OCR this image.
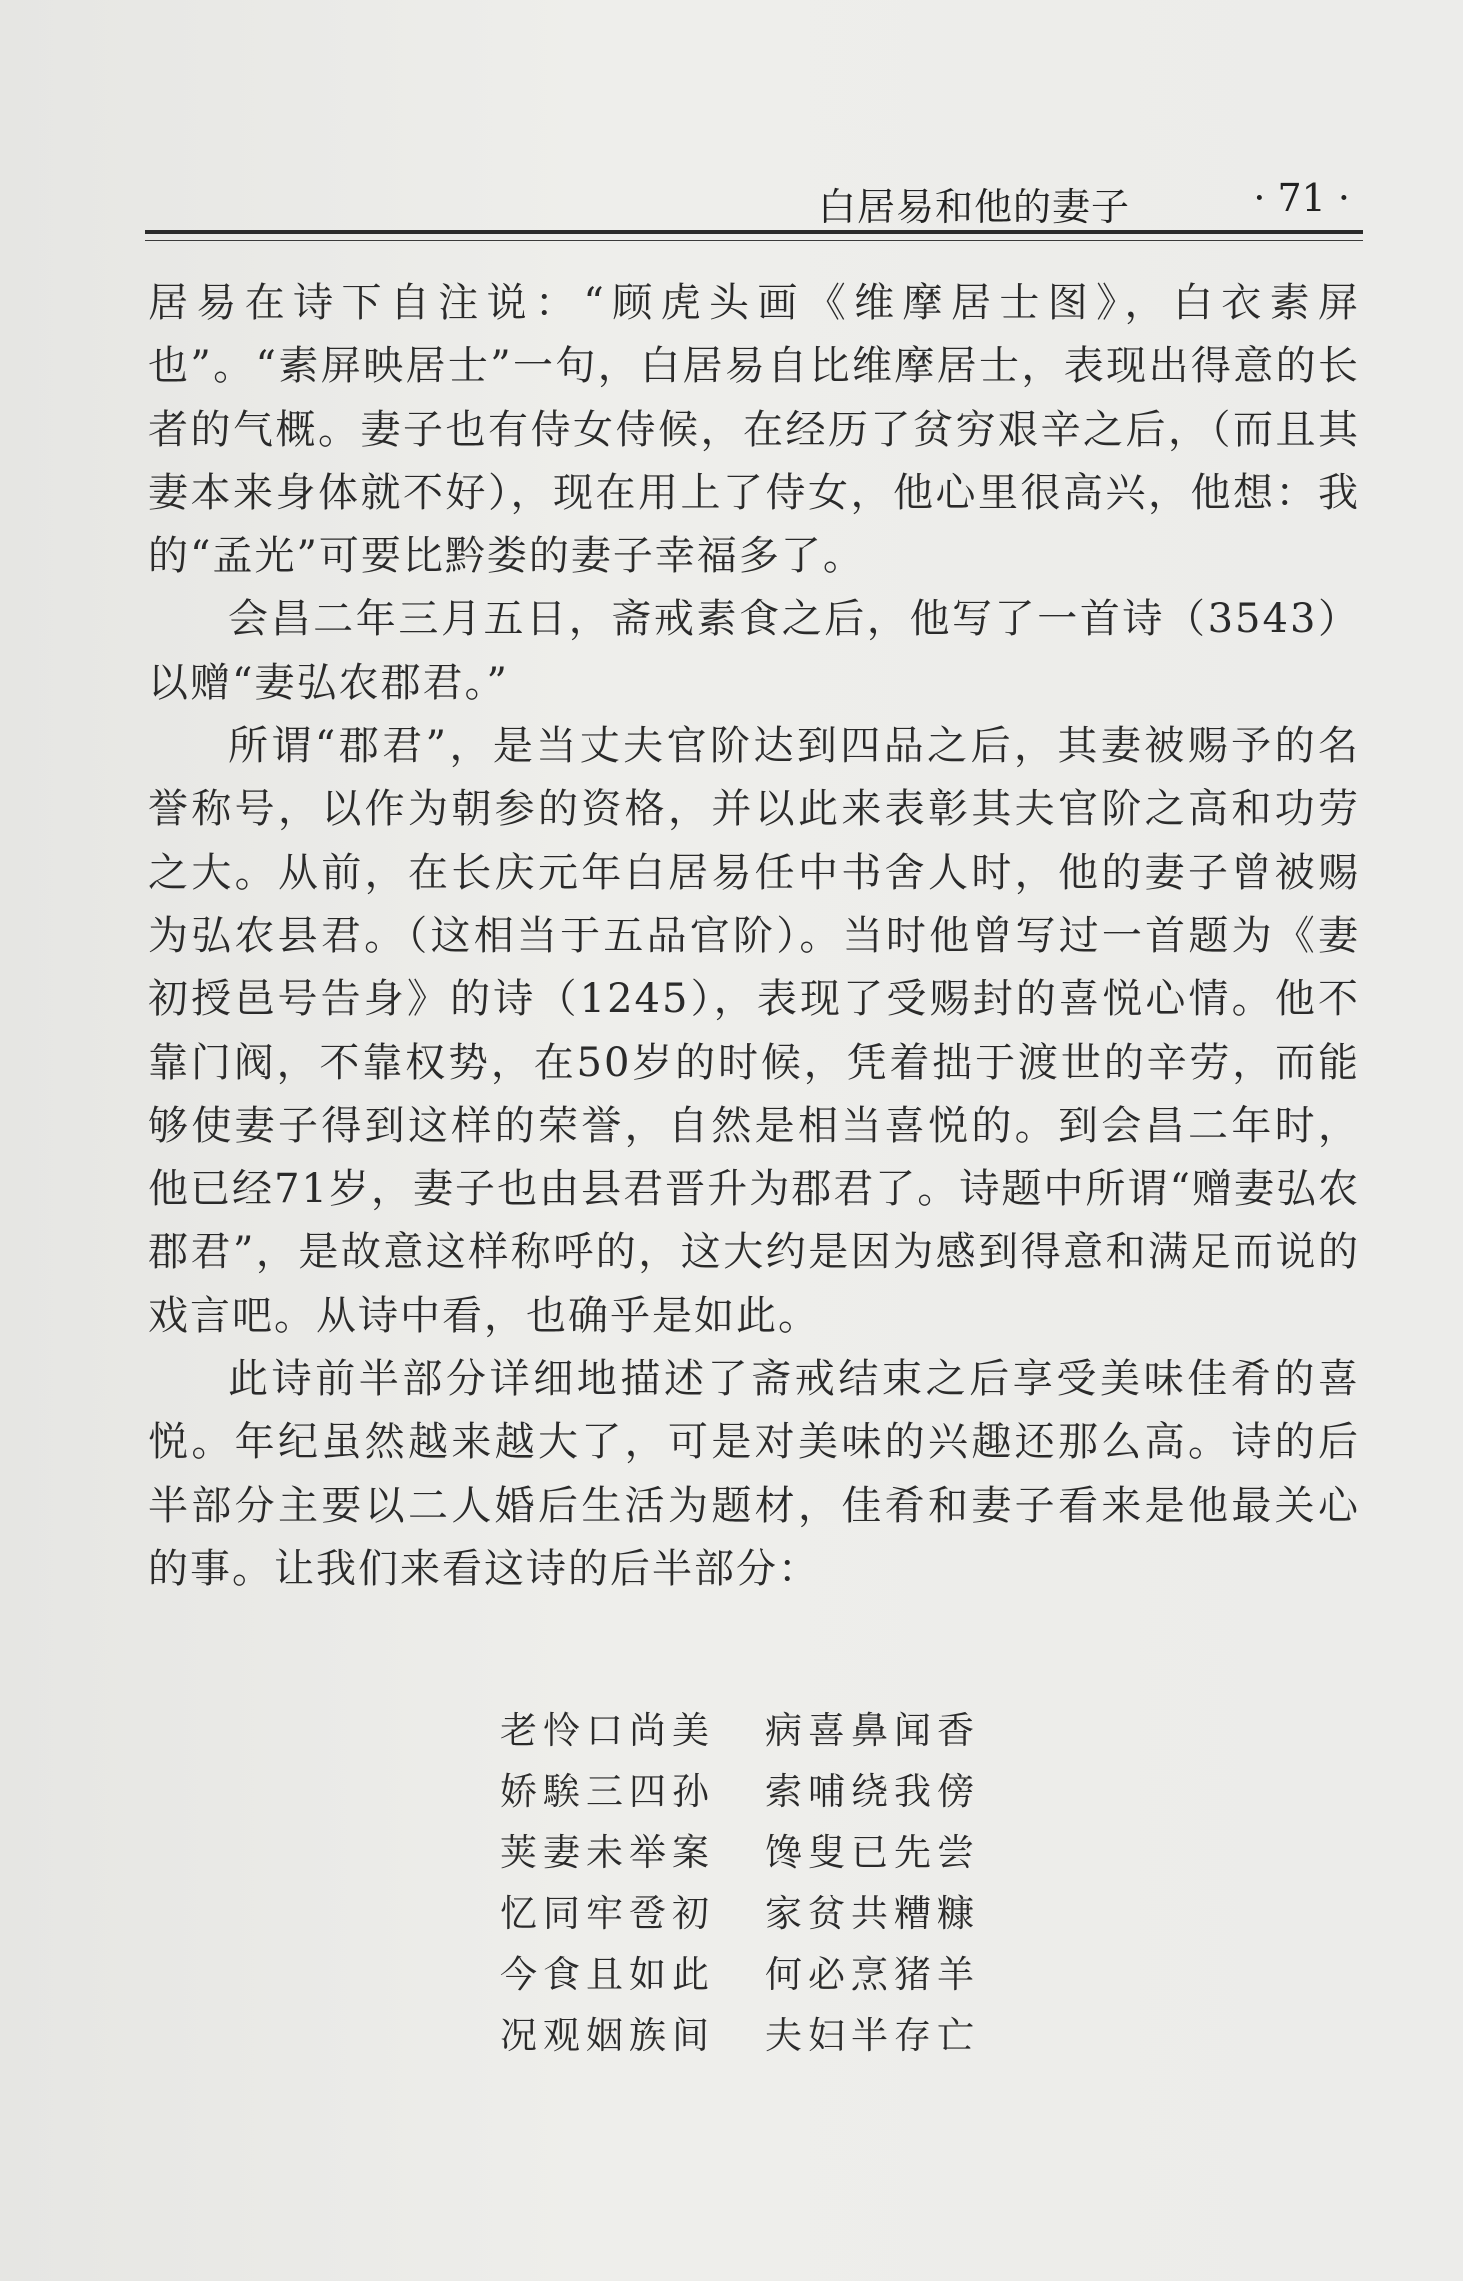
白居易和他的妻子	· 71 ·

居易在诗下自注说：“顾虎头画《维摩居士图》，白衣素屏也”。“素屏映居士”一句，白居易自比维摩居士，表现出得意的长者的气概。妻子也有侍女侍候，在经历了贫穷艰辛之后，（而且其妻本来身体就不好），现在用上了侍女，他心里很高兴，他想：我的“孟光”可要比黔娄的妻子幸福多了。

会昌二年三月五日，斋戒素食之后，他写了一首诗（3543）以赠“妻弘农郡君。”

所谓“郡君”，是当丈夫官阶达到四品之后，其妻被赐予的名誉称号，以作为朝参的资格，并以此来表彰其夫官阶之高和功劳之大。从前，在长庆元年白居易任中书舍人时，他的妻子曾被赐为弘农县君。（这相当于五品官阶）。当时他曾写过一首题为《妻初授邑号告身》的诗（1245），表现了受赐封的喜悦心情。他不靠门阀，不靠权势，在50岁的时候，凭着拙于渡世的辛劳，而能够使妻子得到这样的荣誉，自然是相当喜悦的。到会昌二年时，他已经71岁，妻子也由县君晋升为郡君了。诗题中所谓“赠妻弘农郡君”，是故意这样称呼的，这大约是因为感到得意和满足而说的戏言吧。从诗中看，也确乎是如此。

此诗前半部分详细地描述了斋戒结束之后享受美味佳肴的喜悦。年纪虽然越来越大了，可是对美味的兴趣还那么高。诗的后半部分主要以二人婚后生活为题材，佳肴和妻子看来是他最关心的事。让我们来看这诗的后半部分：

老怜口尚美	病喜鼻闻香
娇騃三四孙	索哺绕我傍
荚妻未举案	馋叟已先尝
忆同牢卺初	家贫共糟糠
今食且如此	何必烹猪羊
况观姻族间	夫妇半存亡
